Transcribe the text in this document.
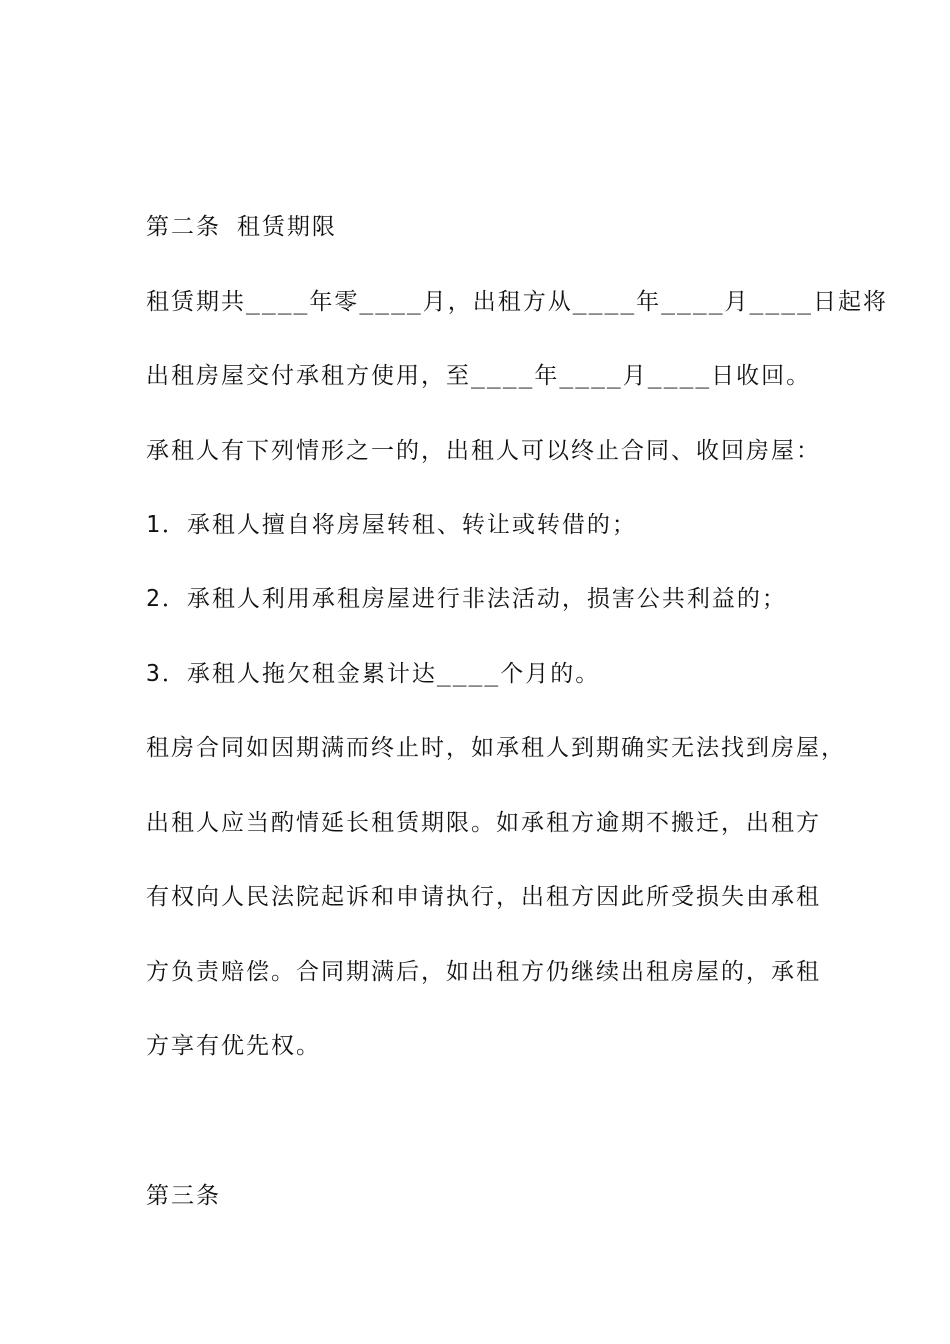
第二条 租赁期限
租赁期共____年零____月，出租方从____年____月____日起将
出租房屋交付承租方使用，至____年____月____日收回。
承租人有下列情形之一的，出租人可以终止合同、收回房屋：
1．承租人擅自将房屋转租、转让或转借的；
2．承租人利用承租房屋进行非法活动，损害公共利益的；
3．承租人拖欠租金累计达____个月的。
租房合同如因期满而终止时，如承租人到期确实无法找到房屋，
出租人应当酌情延长租赁期限。如承租方逾期不搬迁，出租方
有权向人民法院起诉和申请执行，出租方因此所受损失由承租
方负责赔偿。合同期满后，如出租方仍继续出租房屋的，承租
方享有优先权。
第三条
